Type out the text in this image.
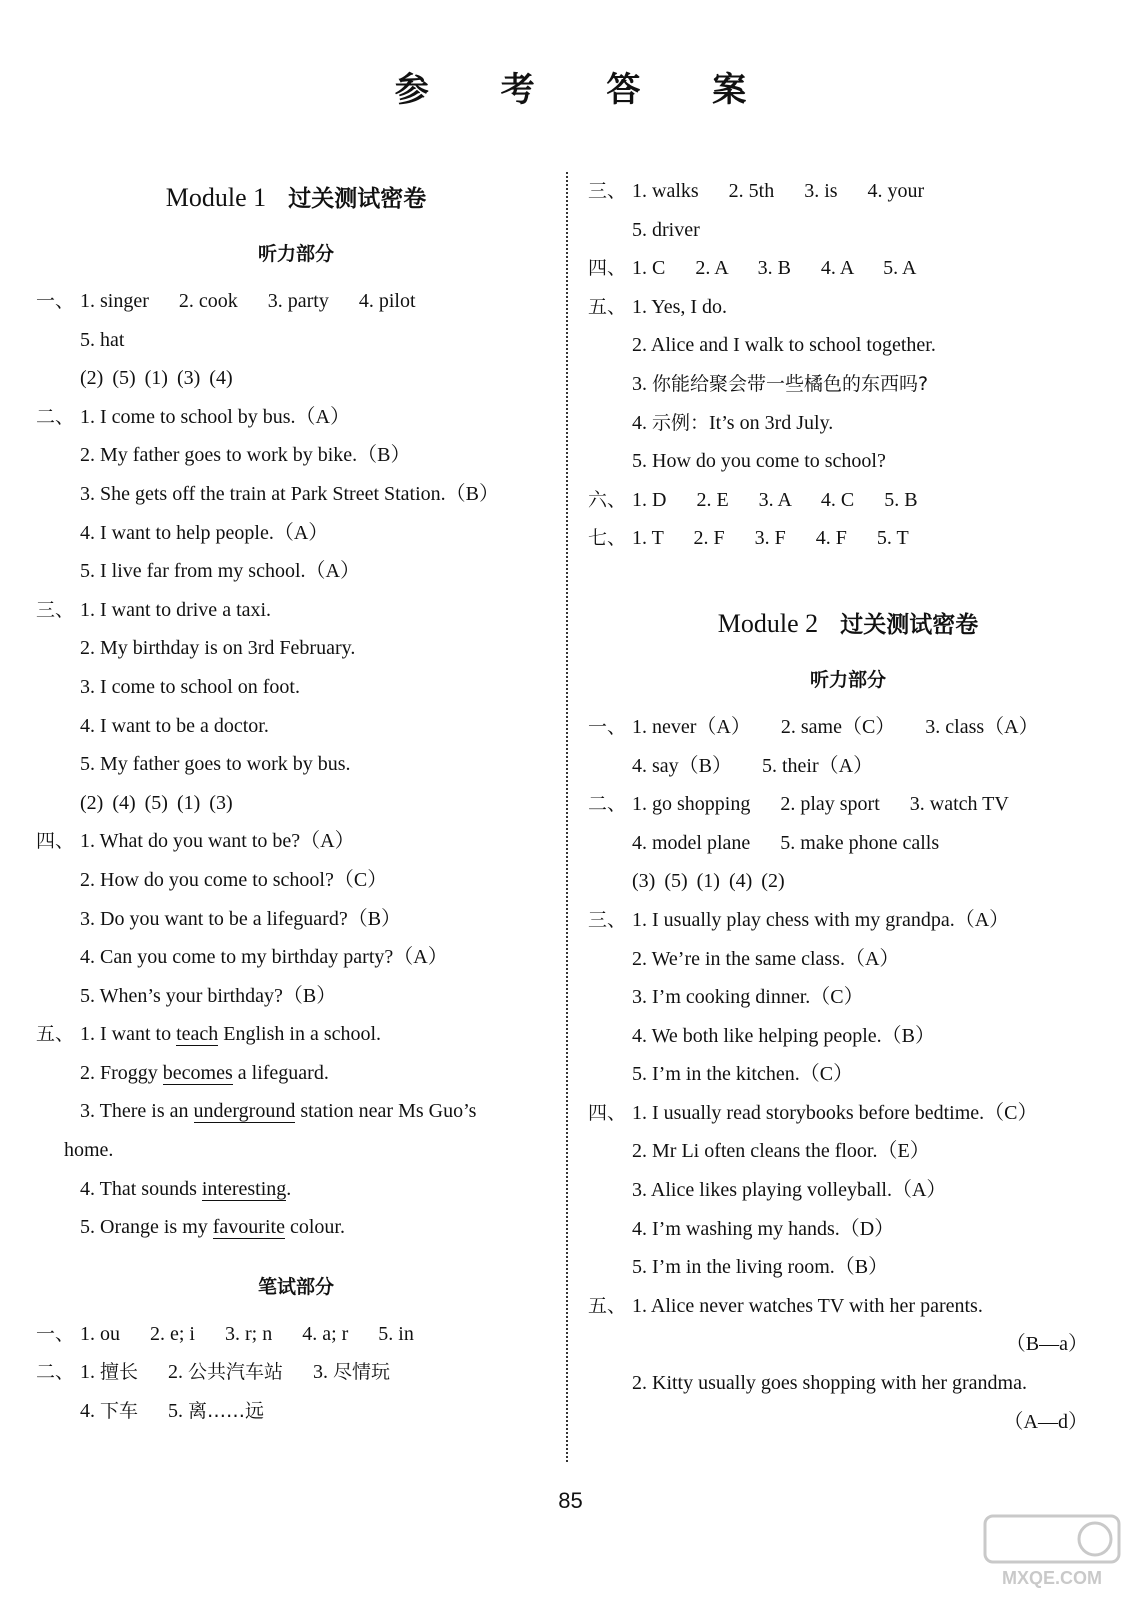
参 考 答 案
Module 1 过关测试密卷
听力部分
一、 1. singer      2. cook      3. party      4. pilot
5. hat
(2) (5) (1) (3) (4)
二、 1. I come to school by bus.（A）
2. My father goes to work by bike.（B）
3. She gets off the train at Park Street Station.（B）
4. I want to help people.（A）
5. I live far from my school.（A）
三、 1. I want to drive a taxi.
2. My birthday is on 3rd February.
3. I come to school on foot.
4. I want to be a doctor.
5. My father goes to work by bus.
(2) (4) (5) (1) (3)
四、 1. What do you want to be?（A）
2. How do you come to school?（C）
3. Do you want to be a lifeguard?（B）
4. Can you come to my birthday party?（A）
5. When’s your birthday?（B）
五、 1. I want to teach English in a school.
2. Froggy becomes a lifeguard.
3. There is an underground station near Ms Guo’s
home.
4. That sounds interesting.
5. Orange is my favourite colour.
笔试部分
一、 1. ou      2. e; i      3. r; n      4. a; r      5. in
二、 1. 擅长      2. 公共汽车站      3. 尽情玩
4. 下车      5. 离……远
三、 1. walks      2. 5th      3. is      4. your
5. driver
四、 1. C      2. A      3. B      4. A      5. A
五、 1. Yes, I do.
2. Alice and I walk to school together.
3. 你能给聚会带一些橘色的东西吗?
4. 示例：It’s on 3rd July.
5. How do you come to school?
六、 1. D      2. E      3. A      4. C      5. B
七、 1. T      2. F      3. F      4. F      5. T
Module 2 过关测试密卷
听力部分
一、 1. never（A）      2. same（C）      3. class（A）
4. say（B）      5. their（A）
二、 1. go shopping      2. play sport      3. watch TV
4. model plane      5. make phone calls
(3) (5) (1) (4) (2)
三、 1. I usually play chess with my grandpa.（A）
2. We’re in the same class.（A）
3. I’m cooking dinner.（C）
4. We both like helping people.（B）
5. I’m in the kitchen.（C）
四、 1. I usually read storybooks before bedtime.（C）
2. Mr Li often cleans the floor.（E）
3. Alice likes playing volleyball.（A）
4. I’m washing my hands.（D）
5. I’m in the living room.（B）
五、 1. Alice never watches TV with her parents.
（B—a）
2. Kitty usually goes shopping with her grandma.
（A—d）
85
MXQE.COM
